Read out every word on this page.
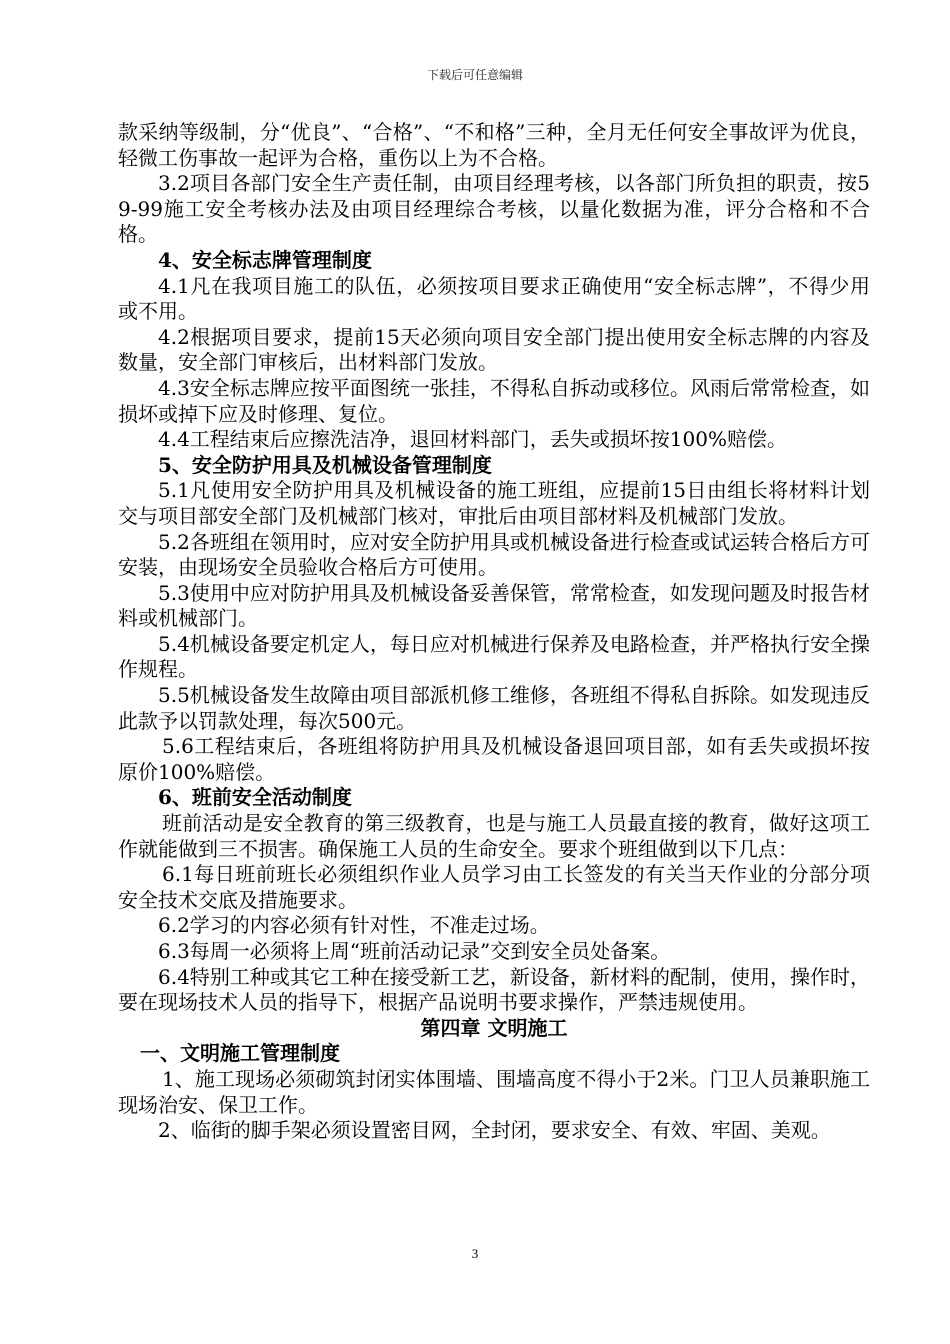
下载后可任意编辑

款采纳等级制，分“优良”、“合格”、“不和格”三种，全月无任何安全事故评为优良，轻微工伤事故一起评为合格，重伤以上为不合格。

3.2项目各部门安全生产责任制，由项目经理考核，以各部门所负担的职责，按59-99施工安全考核办法及由项目经理综合考核，以量化数据为准，评分合格和不合格。

4、安全标志牌管理制度

4.1凡在我项目施工的队伍，必须按项目要求正确使用“安全标志牌”，不得少用或不用。

4.2根据项目要求，提前15天必须向项目安全部门提出使用安全标志牌的内容及数量，安全部门审核后，出材料部门发放。

4.3安全标志牌应按平面图统一张挂，不得私自拆动或移位。风雨后常常检查，如损坏或掉下应及时修理、复位。

4.4工程结束后应擦洗洁净，退回材料部门，丢失或损坏按100%赔偿。

5、安全防护用具及机械设备管理制度

5.1凡使用安全防护用具及机械设备的施工班组，应提前15日由组长将材料计划交与项目部安全部门及机械部门核对，审批后由项目部材料及机械部门发放。

5.2各班组在领用时，应对安全防护用具或机械设备进行检查或试运转合格后方可安装，由现场安全员验收合格后方可使用。

5.3使用中应对防护用具及机械设备妥善保管，常常检查，如发现问题及时报告材料或机械部门。

5.4机械设备要定机定人，每日应对机械进行保养及电路检查，并严格执行安全操作规程。

5.5机械设备发生故障由项目部派机修工维修，各班组不得私自拆除。如发现违反此款予以罚款处理，每次500元。

5.6工程结束后，各班组将防护用具及机械设备退回项目部，如有丢失或损坏按原价100%赔偿。

6、班前安全活动制度

班前活动是安全教育的第三级教育，也是与施工人员最直接的教育，做好这项工作就能做到三不损害。确保施工人员的生命安全。要求个班组做到以下几点：

6.1每日班前班长必须组织作业人员学习由工长签发的有关当天作业的分部分项安全技术交底及措施要求。

6.2学习的内容必须有针对性，不准走过场。

6.3每周一必须将上周“班前活动记录”交到安全员处备案。

6.4特别工种或其它工种在接受新工艺，新设备，新材料的配制，使用，操作时，要在现场技术人员的指导下，根据产品说明书要求操作，严禁违规使用。

第四章 文明施工

一、文明施工管理制度

1、施工现场必须砌筑封闭实体围墙、围墙高度不得小于2米。门卫人员兼职施工现场治安、保卫工作。

2、临街的脚手架必须设置密目网，全封闭，要求安全、有效、牢固、美观。

3
